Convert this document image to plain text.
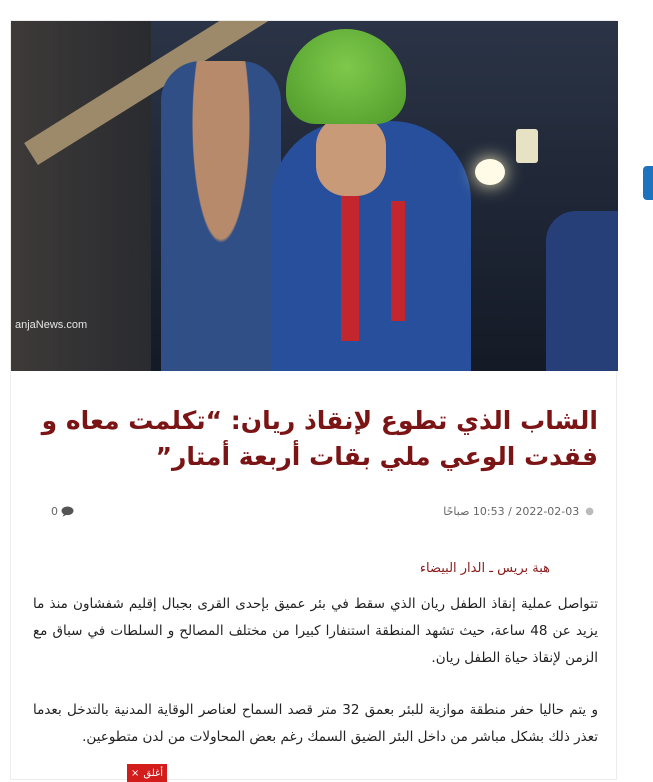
anjaNews.com
الشاب الذي تطوع لإنقاذ ريان: “تكلمت معاه و فقدت الوعي ملي بقات أربعة أمتار”
0	●
2022-02-03 / 10:53 صباحًا
هبة بريس ـ الدار البيضاء

تتواصل عملية إنقاذ الطفل ريان الذي سقط في بئر عميق بإحدى القرى بجبال إقليم شفشاون منذ ما يزيد عن 48 ساعة، حيث تشهد المنطقة استنفارا كبيرا من مختلف المصالح و السلطات في سباق مع الزمن لإنقاذ حياة الطفل ريان.

و يتم حاليا حفر منطقة موازية للبئر بعمق 32 متر قصد السماح لعناصر الوقاية المدنية بالتدخل بعدما تعذر ذلك بشكل مباشر من داخل البئر الضيق السمك رغم بعض المحاولات من لدن متطوعين.

× أغلق
